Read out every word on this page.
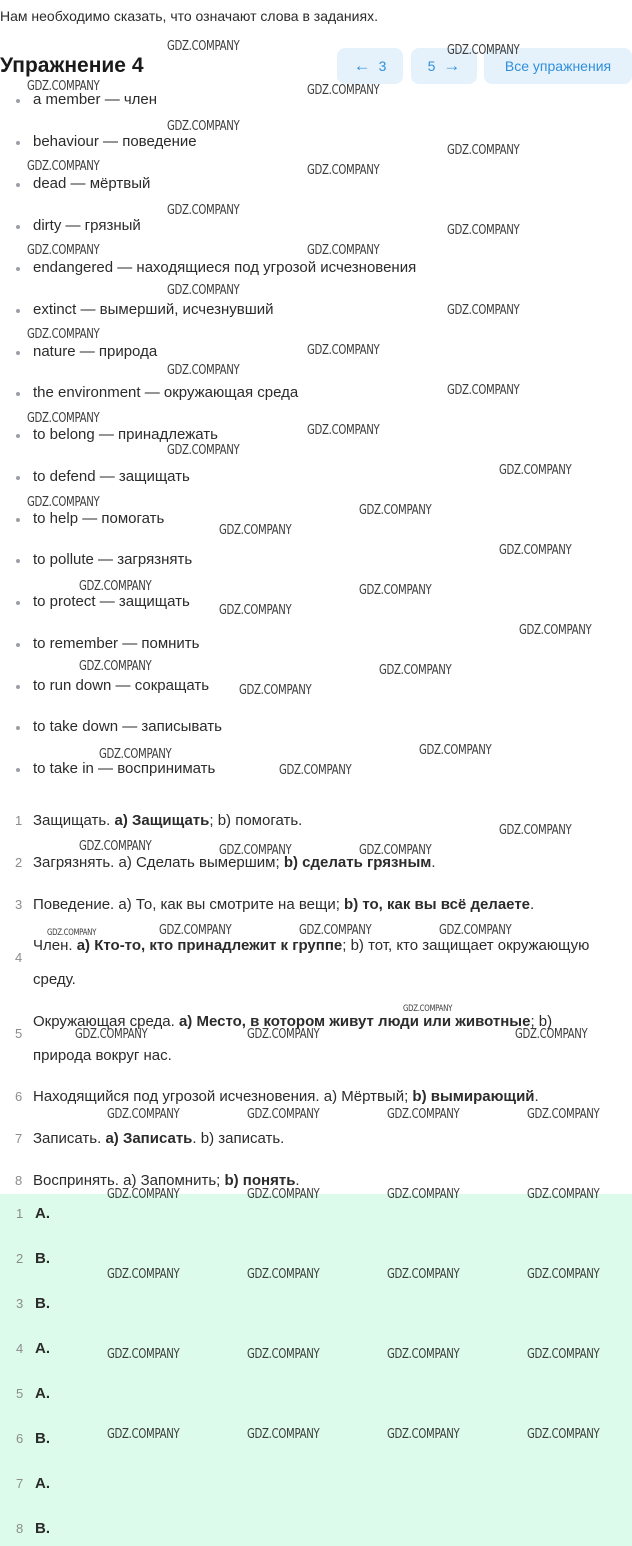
Нам необходимо сказать, что означают слова в заданиях.
Упражнение 4	← 3	5 →	Все упражнения
a member — член
behaviour — поведение
dead — мёртвый
dirty — грязный
endangered — находящиеся под угрозой исчезновения
extinct — вымерший, исчезнувший
nature — природа
the environment — окружающая среда
to belong — принадлежать
to defend — защищать
to help — помогать
to pollute — загрязнять
to protect — защищать
to remember — помнить
to run down — сокращать
to take down — записывать
to take in — воспринимать
1 Защищать. а) Защищать; b) помогать.
2 Загрязнять. а) Сделать вымершим; b) сделать грязным.
3 Поведение. а) То, как вы смотрите на вещи; b) то, как вы всё делаете.
4
Член. а) Кто-то, кто принадлежит к группе; b) тот, кто защищает окружающую среду.
5
Окружающая среда. а) Место, в котором живут люди или животные; b) природа вокруг нас.
6 Находящийся под угрозой исчезновения. а) Мёртвый; b) вымирающий.
7 Записать. а) Записать. b) записать.
8 Воспринять. а) Запомнить; b) понять.
1 A.
2 B.
3 B.
4 A.
5 A.
6 B.
7 A.
8 B.
GDZ.COMPANY	GDZ.COMPANY
GDZ.COMPANY	GDZ.COMPANY
GDZ.COMPANY
GDZ.COMPANY
GDZ.COMPANY	GDZ.COMPANY
GDZ.COMPANY
GDZ.COMPANY
GDZ.COMPANY	GDZ.COMPANY
GDZ.COMPANY
GDZ.COMPANY
GDZ.COMPANY
GDZ.COMPANY
GDZ.COMPANY
GDZ.COMPANY
GDZ.COMPANY
GDZ.COMPANY
GDZ.COMPANY
GDZ.COMPANY
GDZ.COMPANY
GDZ.COMPANY
GDZ.COMPANY
GDZ.COMPANY
GDZ.COMPANY	GDZ.COMPANY
GDZ.COMPANY
GDZ.COMPANY
GDZ.COMPANY	GDZ.COMPANY
GDZ.COMPANY
GDZ.COMPANY	GDZ.COMPANY
GDZ.COMPANY
GDZ.COMPANY
GDZ.COMPANY	GDZ.COMPANY	GDZ.COMPANY
GDZ.COMPANY	GDZ.COMPANY	GDZ.COMPANY	GDZ.COMPANY
GDZ.COMPANY
GDZ.COMPANY	GDZ.COMPANY	GDZ.COMPANY
GDZ.COMPANY	GDZ.COMPANY	GDZ.COMPANY	GDZ.COMPANY
GDZ.COMPANY	GDZ.COMPANY	GDZ.COMPANY	GDZ.COMPANY
GDZ.COMPANY	GDZ.COMPANY	GDZ.COMPANY	GDZ.COMPANY
GDZ.COMPANY	GDZ.COMPANY	GDZ.COMPANY	GDZ.COMPANY
GDZ.COMPANY	GDZ.COMPANY	GDZ.COMPANY	GDZ.COMPANY
